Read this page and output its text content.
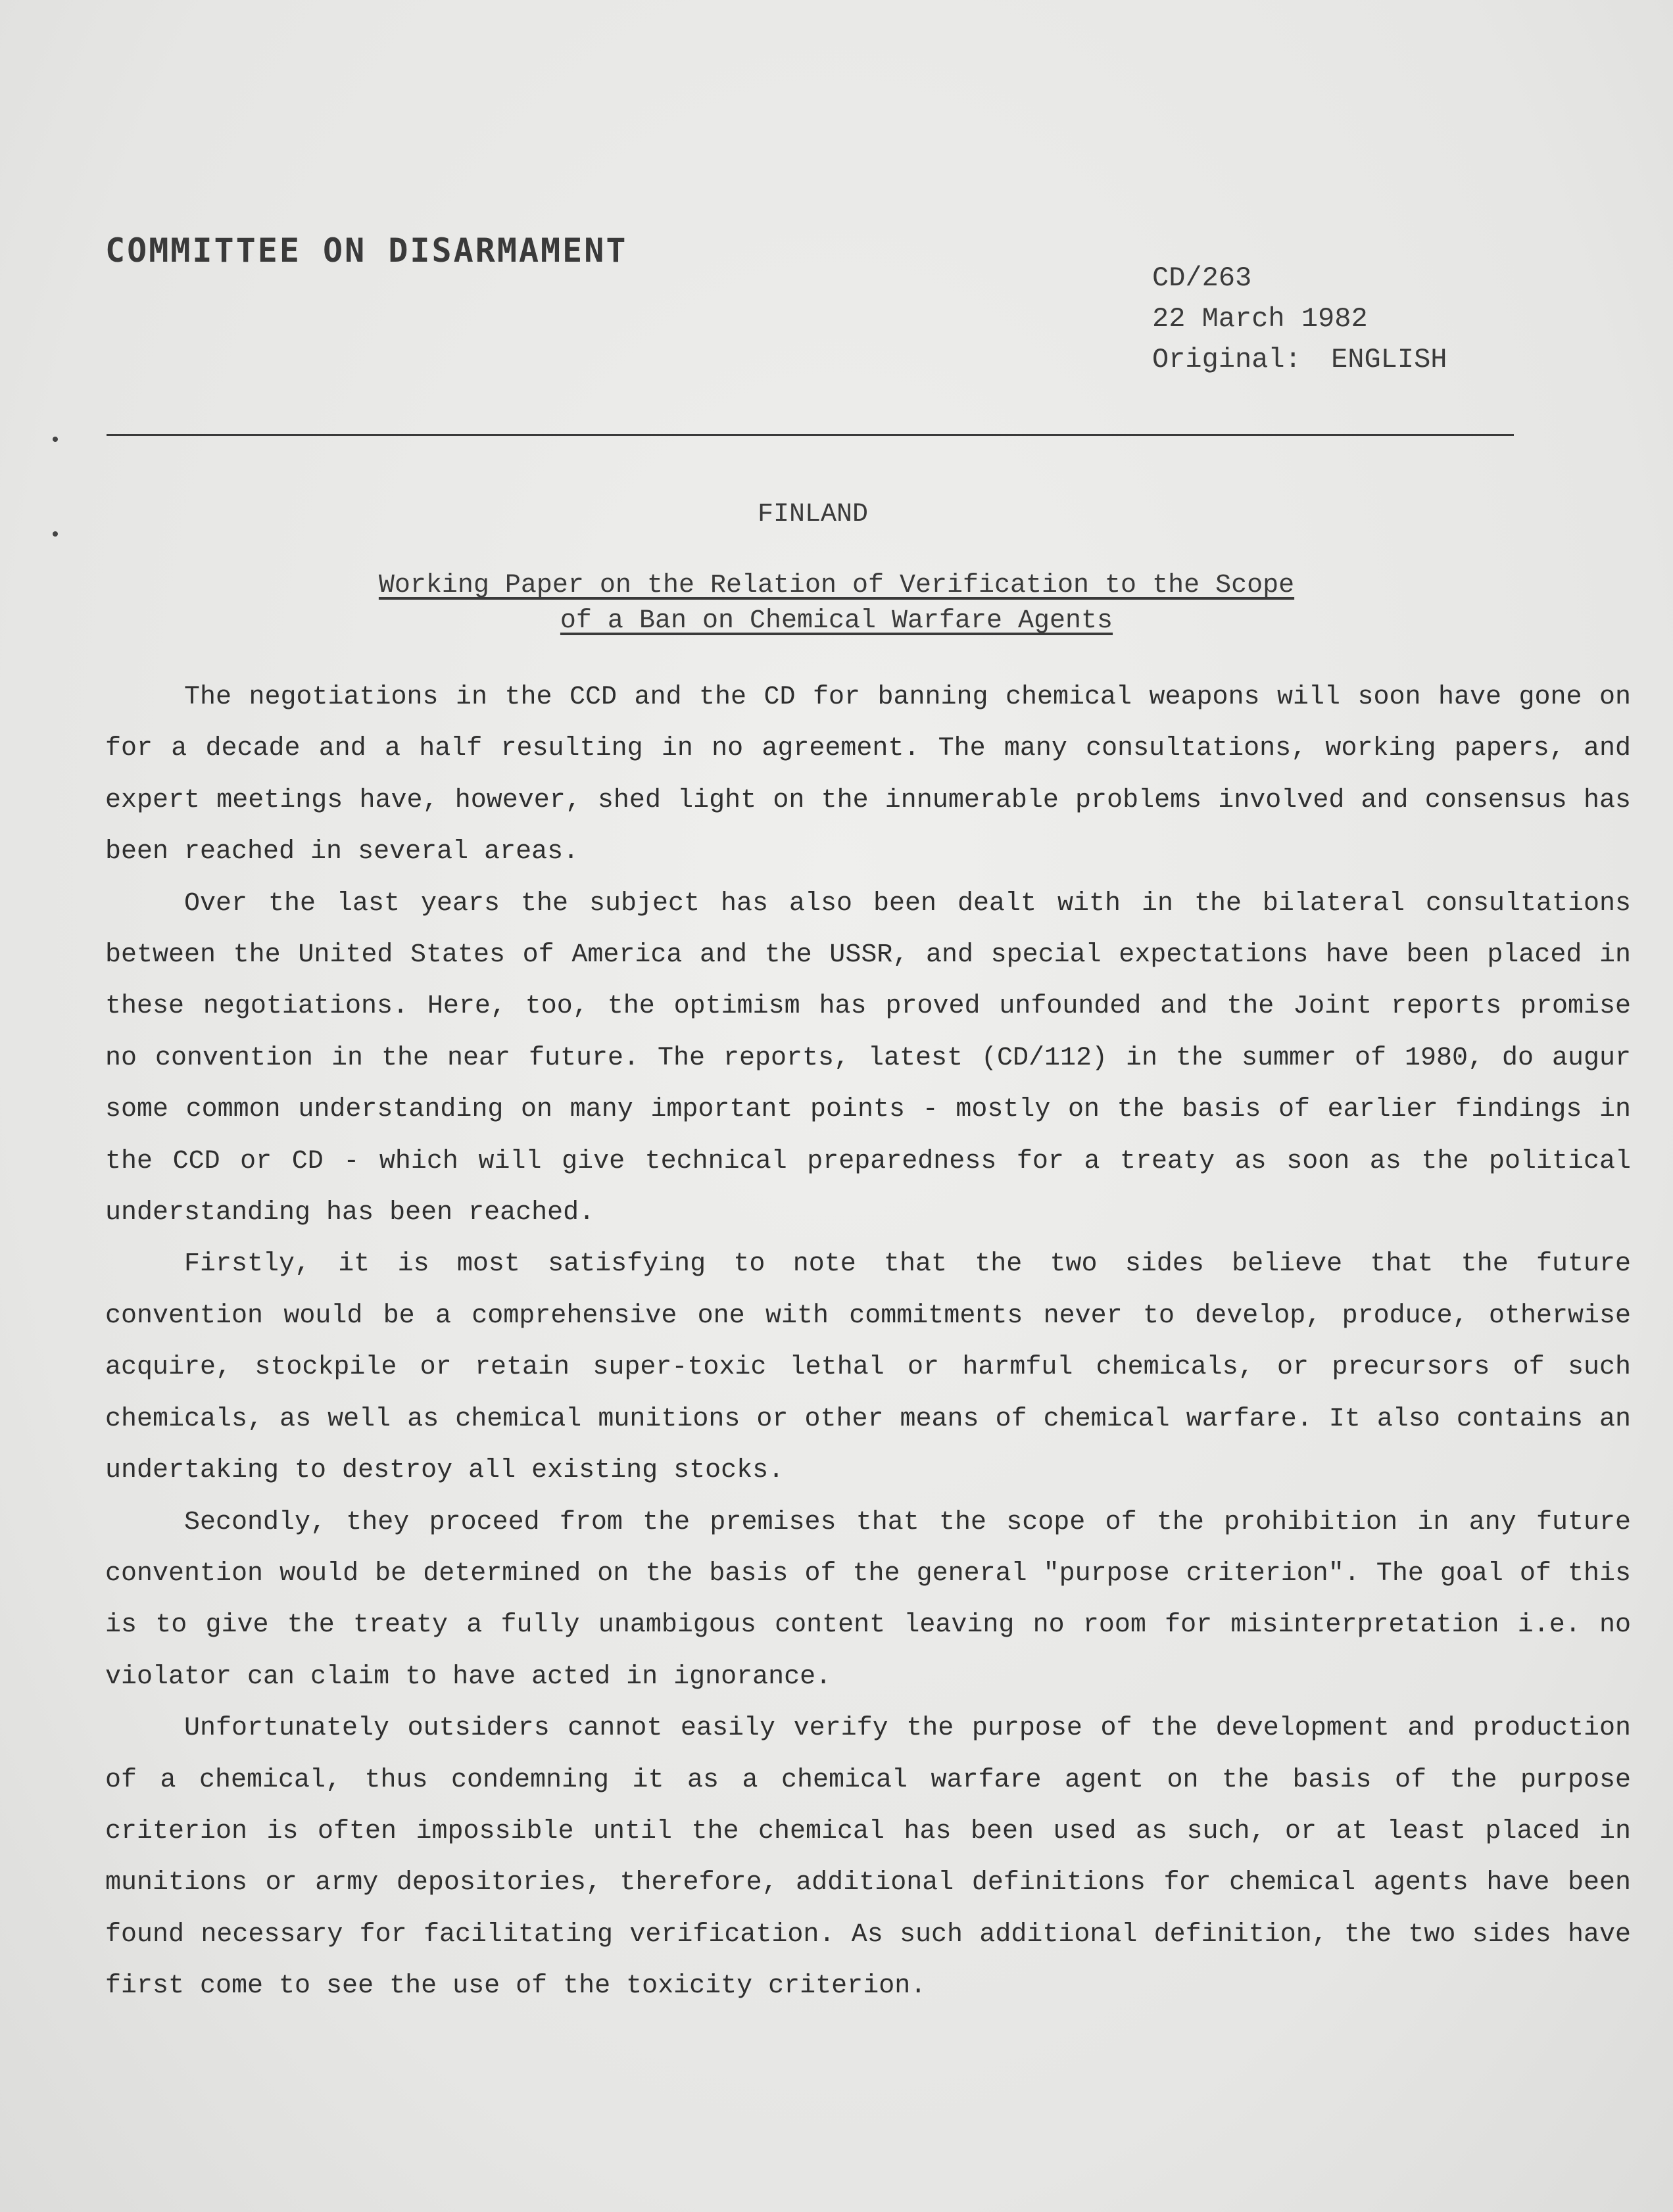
COMMITTEE ON DISARMAMENT
CD/263
22 March 1982
Original: ENGLISH
FINLAND
Working Paper on the Relation of Verification to the Scope
of a Ban on Chemical Warfare Agents

The negotiations in the CCD and the CD for banning chemical weapons will soon have gone on for a decade and a half resulting in no agreement. The many consultations, working papers, and expert meetings have, however, shed light on the innumerable problems involved and consensus has been reached in several areas.

Over the last years the subject has also been dealt with in the bilateral consultations between the United States of America and the USSR, and special expectations have been placed in these negotiations. Here, too, the optimism has proved unfounded and the Joint reports promise no convention in the near future. The reports, latest (CD/112) in the summer of 1980, do augur some common understanding on many important points - mostly on the basis of earlier findings in the CCD or CD - which will give technical preparedness for a treaty as soon as the political understanding has been reached.

Firstly, it is most satisfying to note that the two sides believe that the future convention would be a comprehensive one with commitments never to develop, produce, otherwise acquire, stockpile or retain super-toxic lethal or harmful chemicals, or precursors of such chemicals, as well as chemical munitions or other means of chemical warfare. It also contains an undertaking to destroy all existing stocks.

Secondly, they proceed from the premises that the scope of the prohibition in any future convention would be determined on the basis of the general "purpose criterion". The goal of this is to give the treaty a fully unambigous content leaving no room for misinterpretation i.e. no violator can claim to have acted in ignorance.

Unfortunately outsiders cannot easily verify the purpose of the development and production of a chemical, thus condemning it as a chemical warfare agent on the basis of the purpose criterion is often impossible until the chemical has been used as such, or at least placed in munitions or army depositories, therefore, additional definitions for chemical agents have been found necessary for facilitating verification. As such additional definition, the two sides have first come to see the use of the toxicity criterion.
